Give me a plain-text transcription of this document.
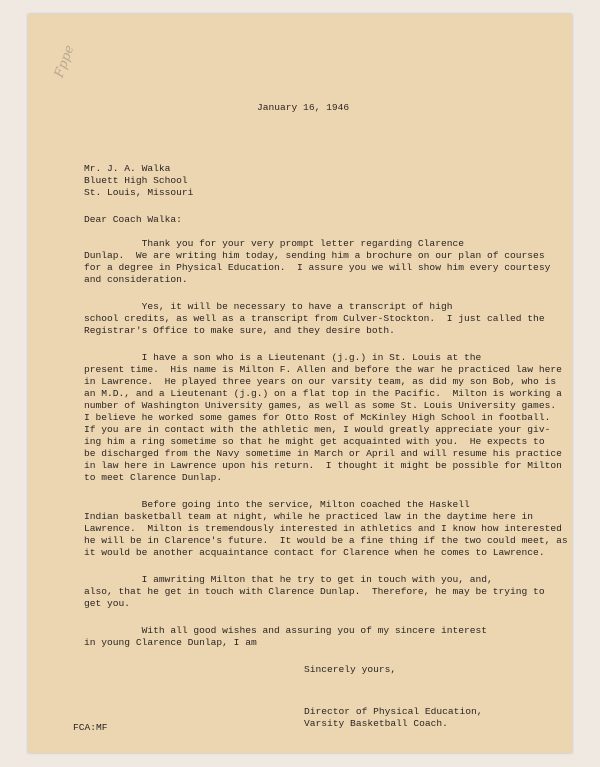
Fppe

January 16, 1946

Mr. J. A. Walka

Bluett High School

St. Louis, Missouri

Dear Coach Walka:

Thank you for your very prompt letter regarding Clarence

Dunlap.  We are writing him today, sending him a brochure on our plan of courses

for a degree in Physical Education.  I assure you we will show him every courtesy

and consideration.

Yes, it will be necessary to have a transcript of high

school credits, as well as a transcript from Culver-Stockton.  I just called the

Registrar's Office to make sure, and they desire both.

I have a son who is a Lieutenant (j.g.) in St. Louis at the

present time.  His name is Milton F. Allen and before the war he practiced law here

in Lawrence.  He played three years on our varsity team, as did my son Bob, who is

an M.D., and a Lieutenant (j.g.) on a flat top in the Pacific.  Milton is working a

number of Washington University games, as well as some St. Louis University games.

I believe he worked some games for Otto Rost of McKinley High School in football.

If you are in contact with the athletic men, I would greatly appreciate your giv-

ing him a ring sometime so that he might get acquainted with you.  He expects to

be discharged from the Navy sometime in March or April and will resume his practice

in law here in Lawrence upon his return.  I thought it might be possible for Milton

to meet Clarence Dunlap.

Before going into the service, Milton coached the Haskell

Indian basketball team at night, while he practiced law in the daytime here in

Lawrence.  Milton is tremendously interested in athletics and I know how interested

he will be in Clarence's future.  It would be a fine thing if the two could meet, as

it would be another acquaintance contact for Clarence when he comes to Lawrence.

I amwriting Milton that he try to get in touch with you, and,

also, that he get in touch with Clarence Dunlap.  Therefore, he may be trying to

get you.

With all good wishes and assuring you of my sincere interest

in young Clarence Dunlap, I am

Sincerely yours,

Director of Physical Education,

Varsity Basketball Coach.

FCA:MF
